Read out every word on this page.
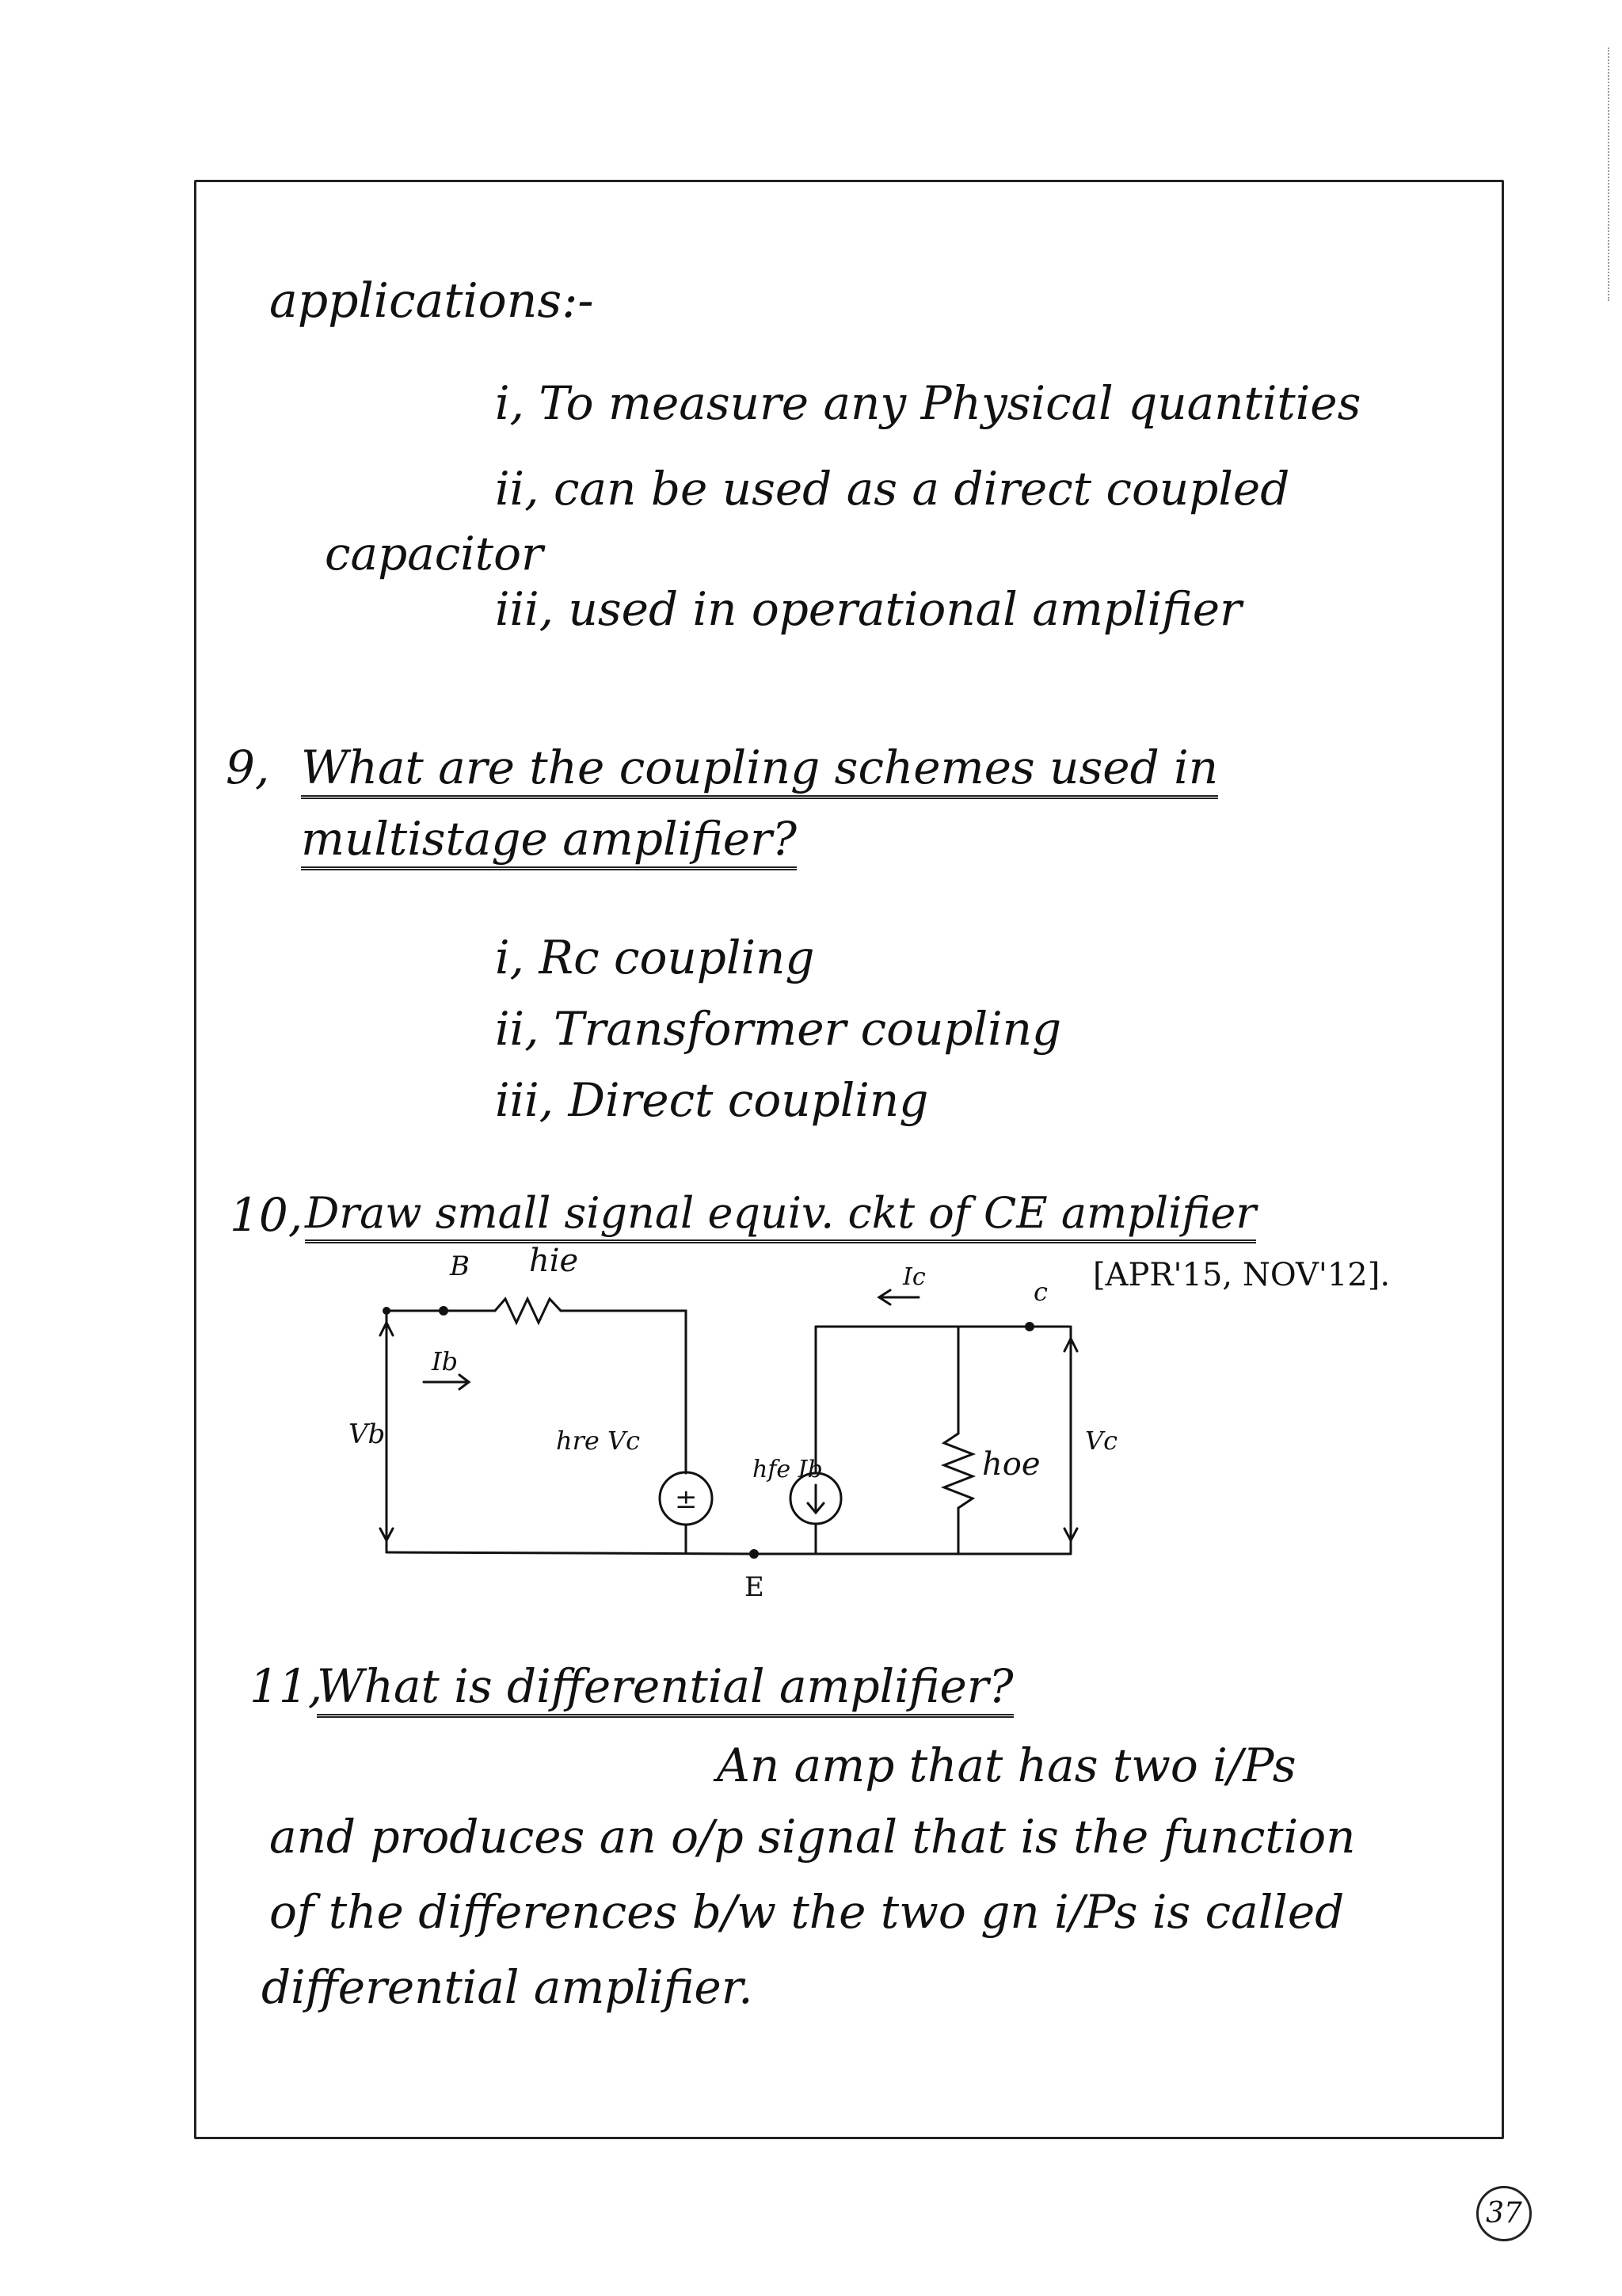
applications:-
i, To measure any Physical quantities
ii, can be used as a direct coupled
capacitor
iii, used in operational amplifier
9, What are the coupling schemes used in
multistage amplifier?
i, Rc coupling
ii, Transformer coupling
iii, Direct coupling
10, Draw small signal equiv. ckt of CE amplifier
[APR'15, NOV'12].
B hie
Ib
Vb	hre Vc
±
Ic	c
hfe Ib	hoe
Vc
E
11,
What is differential amplifier?
An amp that has two i/Ps
and produces an o/p signal that is the function
of the differences b/w the two gn i/Ps is called
differential amplifier.
37
